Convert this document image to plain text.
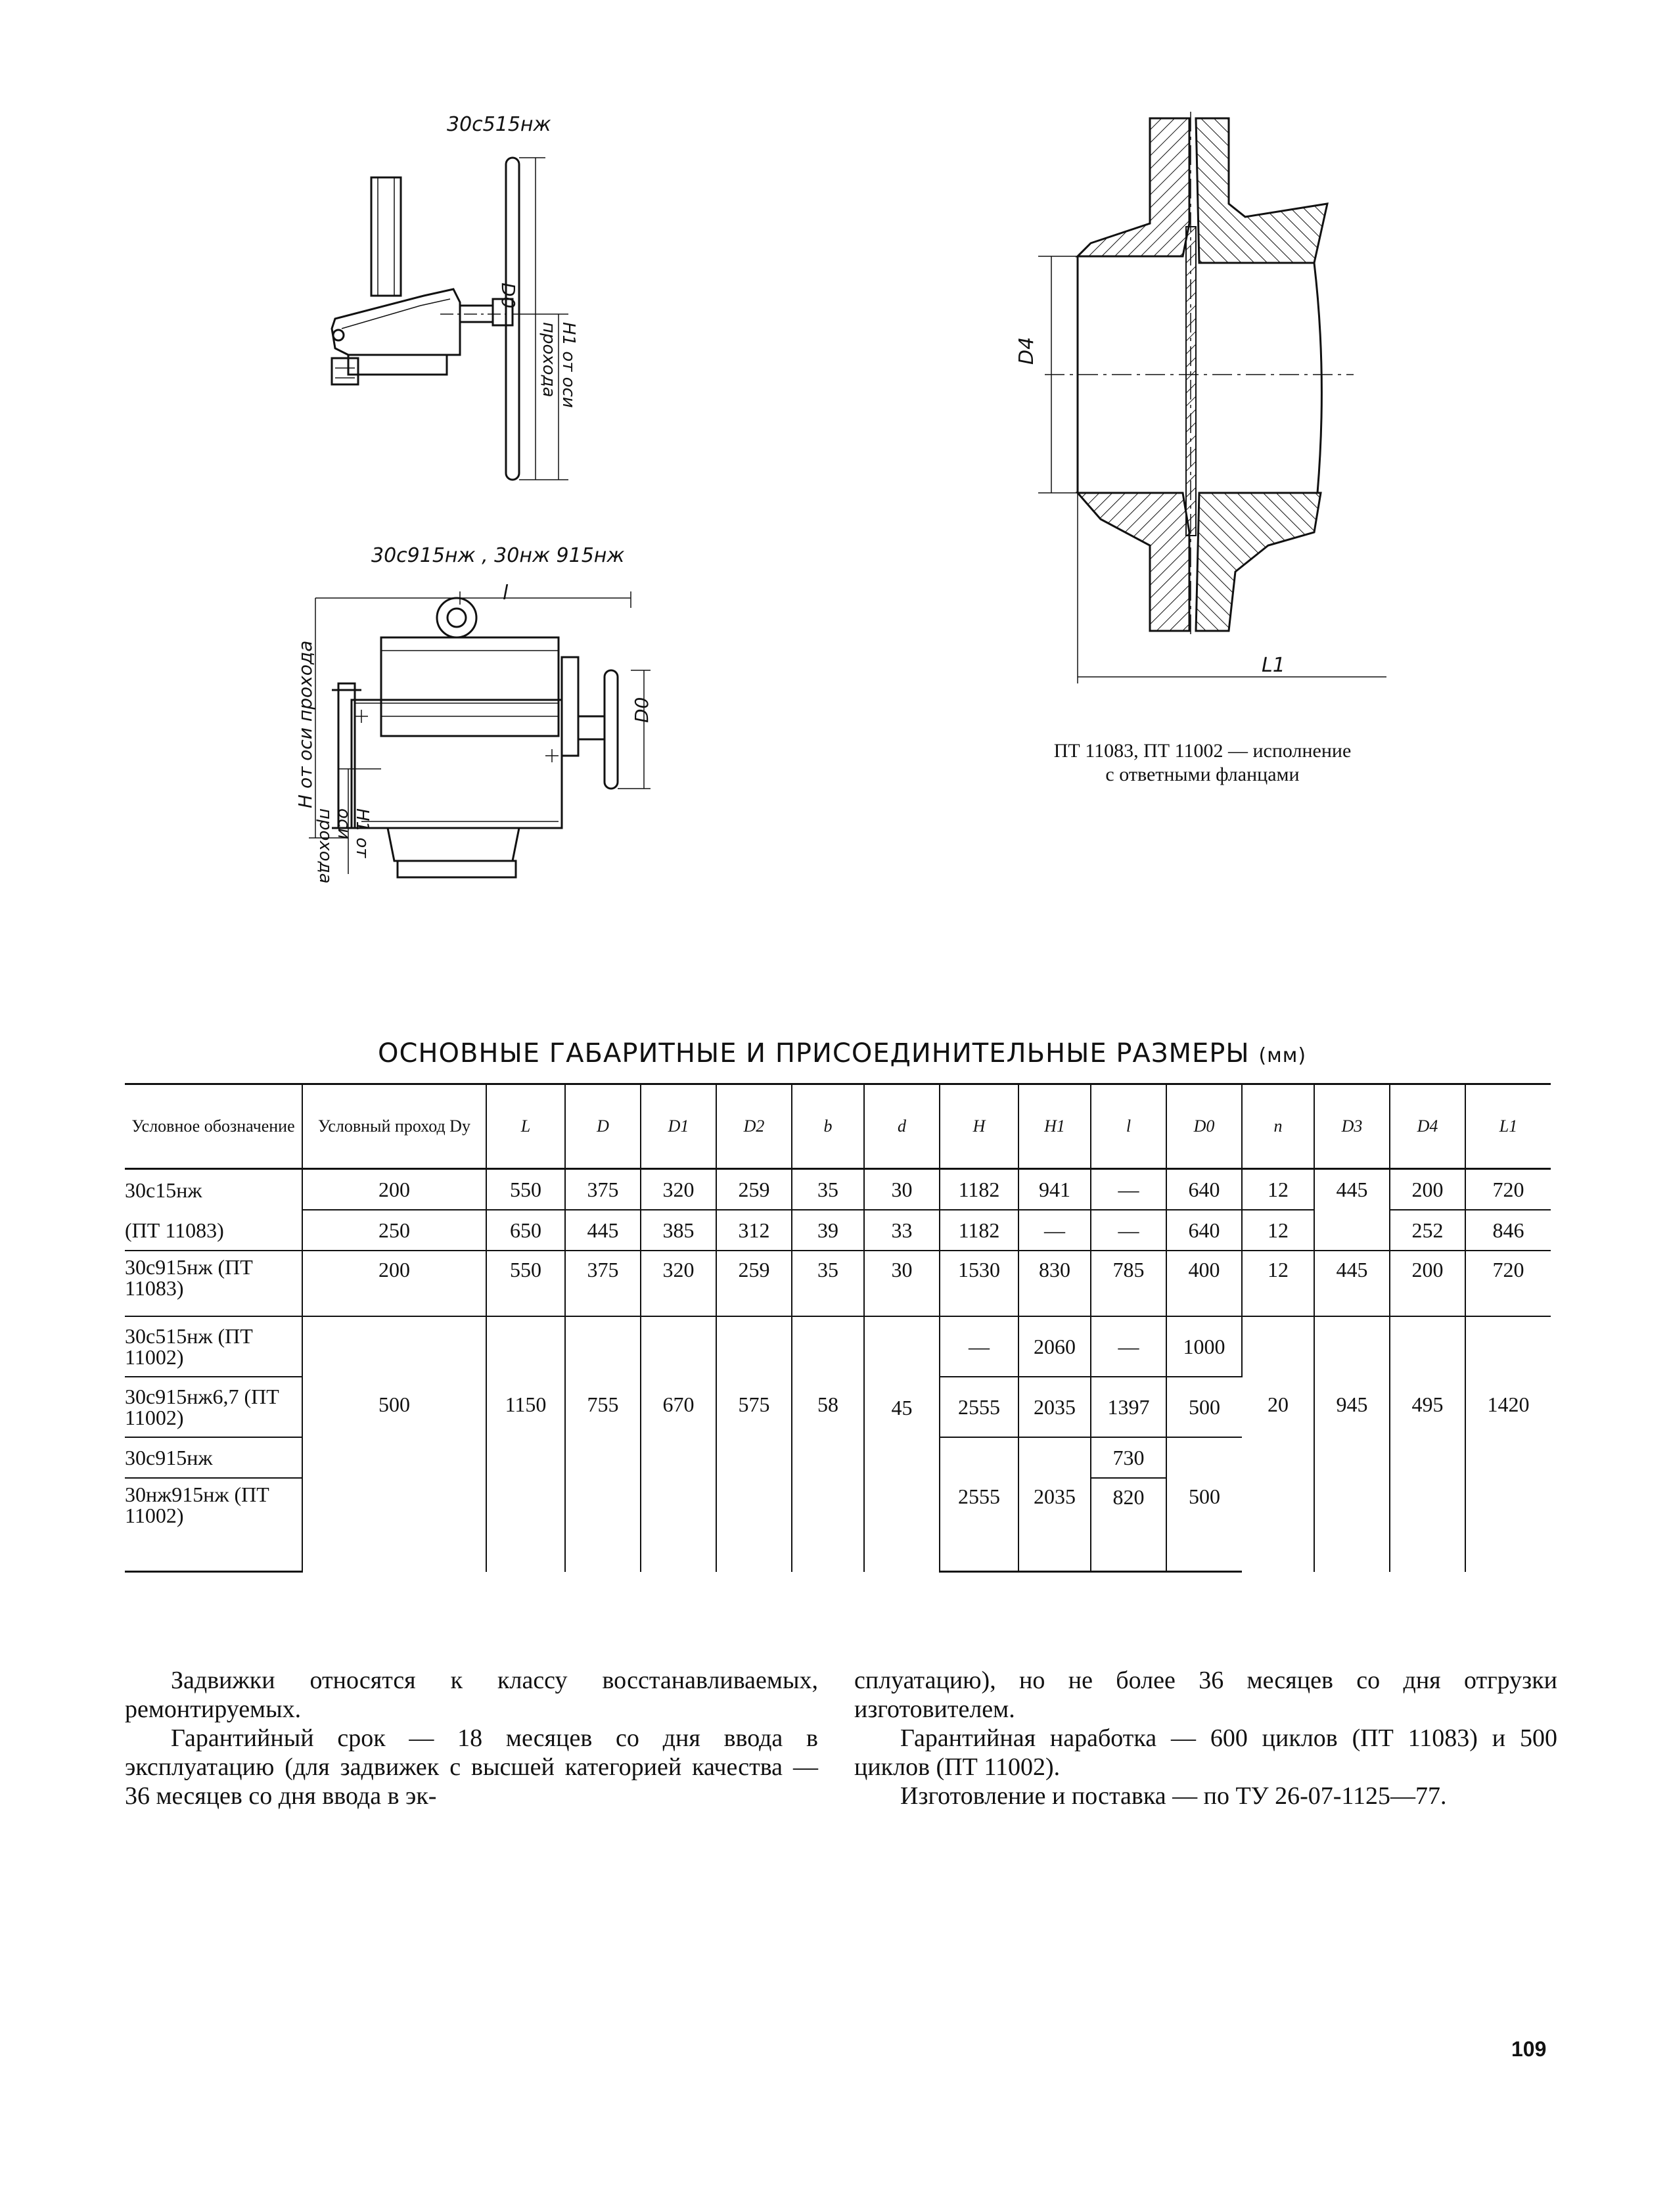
30с515нж
D0
H1 от оси прохода
30с915нж , 30нж 915нж
l
H от оси прохода
H1 от оси прохода
D0
D4
L1
ПТ 11083, ПТ 11002 — исполнение
с ответными фланцами
ОСНОВНЫЕ ГАБАРИТНЫЕ И ПРИСОЕДИНИТЕЛЬНЫЕ РАЗМЕРЫ (мм)
Условное обозначение	Условный проход Dу	L	D	D1	D2	b	d	H	H1	l	D0	n	D3	D4	L1
30с15нж	200	550	375	320	259	35	30	1182	941	—	640	12	445	200	720
(ПТ 11083)	250	650	445	385	312	39	33	1182	—	—	640	12		252	846
30с915нж (ПТ 11083)	200	550	375	320	259	35	30	1530	830	785	400	12	445	200	720
30с515нж (ПТ 11002)	500	1150	755	670	575	58	45	—	2060	—	1000	20	945	495	1420
30с915нж6,7 (ПТ 11002)								2555	2035	1397	500				
30с915нж										730					
30нж915нж (ПТ 11002)								2555	2035	820	500				

Задвижки относятся к классу восстанавливаемых, ремонтируемых.

Гарантийный срок — 18 месяцев со дня ввода в эксплуатацию (для задвижек с высшей категорией качества — 36 месяцев со дня ввода в эк-

сплуатацию), но не более 36 месяцев со дня отгрузки изготовителем.

Гарантийная наработка — 600 циклов (ПТ 11083) и 500 циклов (ПТ 11002).

Изготовление и поставка — по ТУ 26-07-1125—77.

109
